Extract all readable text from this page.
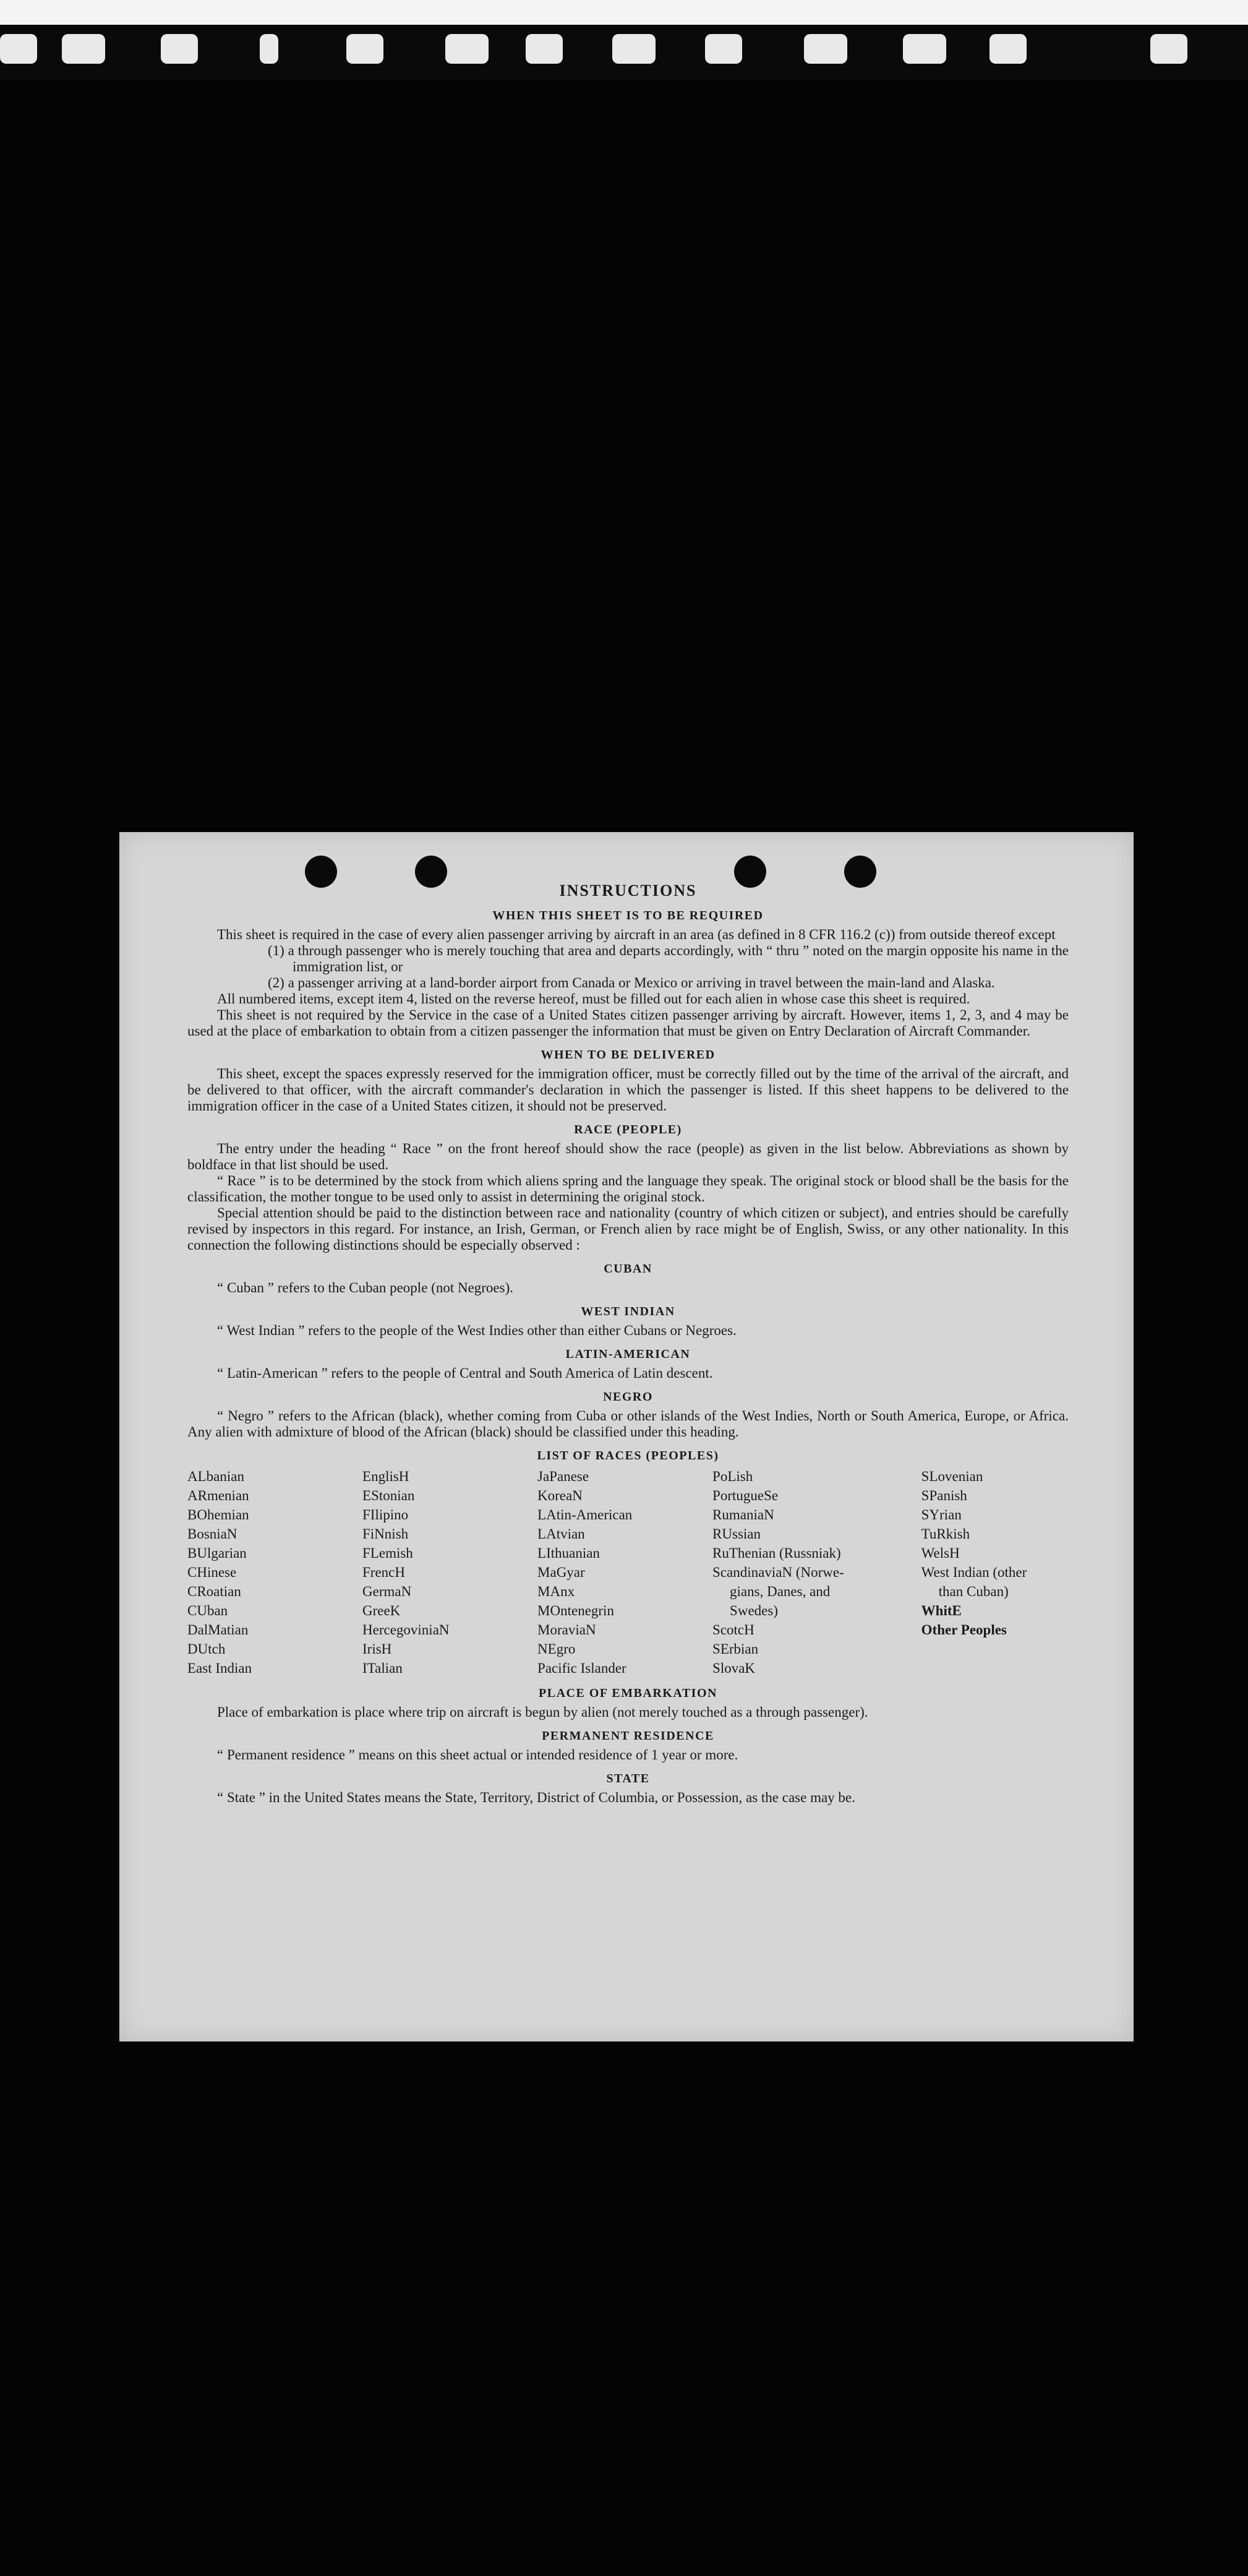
INSTRUCTIONS
WHEN THIS SHEET IS TO BE REQUIRED

This sheet is required in the case of every alien passenger arriving by aircraft in an area (as defined in 8 CFR 116.2 (c)) from outside thereof except

(1) a through passenger who is merely touching that area and departs accordingly, with “ thru ” noted on the margin opposite his name in the immigration list, or

(2) a passenger arriving at a land-border airport from Canada or Mexico or arriving in travel between the main-land and Alaska.

All numbered items, except item 4, listed on the reverse hereof, must be filled out for each alien in whose case this sheet is required.

This sheet is not required by the Service in the case of a United States citizen passenger arriving by aircraft. However, items 1, 2, 3, and 4 may be used at the place of embarkation to obtain from a citizen passenger the information that must be given on Entry Declaration of Aircraft Commander.

WHEN TO BE DELIVERED

This sheet, except the spaces expressly reserved for the immigration officer, must be correctly filled out by the time of the arrival of the aircraft, and be delivered to that officer, with the aircraft commander's declaration in which the passenger is listed. If this sheet happens to be delivered to the immigration officer in the case of a United States citizen, it should not be preserved.

RACE (PEOPLE)

The entry under the heading “ Race ” on the front hereof should show the race (people) as given in the list below. Abbreviations as shown by boldface in that list should be used.

“ Race ” is to be determined by the stock from which aliens spring and the language they speak. The original stock or blood shall be the basis for the classification, the mother tongue to be used only to assist in determining the original stock.

Special attention should be paid to the distinction between race and nationality (country of which citizen or subject), and entries should be carefully revised by inspectors in this regard. For instance, an Irish, German, or French alien by race might be of English, Swiss, or any other nationality. In this connection the following distinctions should be especially observed :

CUBAN

“ Cuban ” refers to the Cuban people (not Negroes).

WEST INDIAN

“ West Indian ” refers to the people of the West Indies other than either Cubans or Negroes.

LATIN-AMERICAN

“ Latin-American ” refers to the people of Central and South America of Latin descent.

NEGRO

“ Negro ” refers to the African (black), whether coming from Cuba or other islands of the West Indies, North or South America, Europe, or Africa. Any alien with admixture of blood of the African (black) should be classified under this heading.

LIST OF RACES (PEOPLES)
ALbanian
ARmenian
BOhemian
BosniaN
BUlgarian
CHinese
CRoatian
CUban
DalMatian
DUtch
East Indian
EnglisH
EStonian
FIlipino
FiNnish
FLemish
FrencH
GermaN
GreeK
HercegoviniaN
IrisH
ITalian
JaPanese
KoreaN
LAtin-American
LAtvian
LIthuanian
MaGyar
MAnx
MOntenegrin
MoraviaN
NEgro
Pacific Islander
PoLish
PortugueSe
RumaniaN
RUssian
RuThenian (Russniak)
ScandinaviaN (Norwe-
gians, Danes, and
Swedes)
ScotcH
SErbian
SlovaK
SLovenian
SPanish
SYrian
TuRkish
WelsH
West Indian (other
than Cuban)
WhitE
Other Peoples
PLACE OF EMBARKATION

Place of embarkation is place where trip on aircraft is begun by alien (not merely touched as a through passenger).

PERMANENT RESIDENCE

“ Permanent residence ” means on this sheet actual or intended residence of 1 year or more.

STATE

“ State ” in the United States means the State, Territory, District of Columbia, or Possession, as the case may be.
